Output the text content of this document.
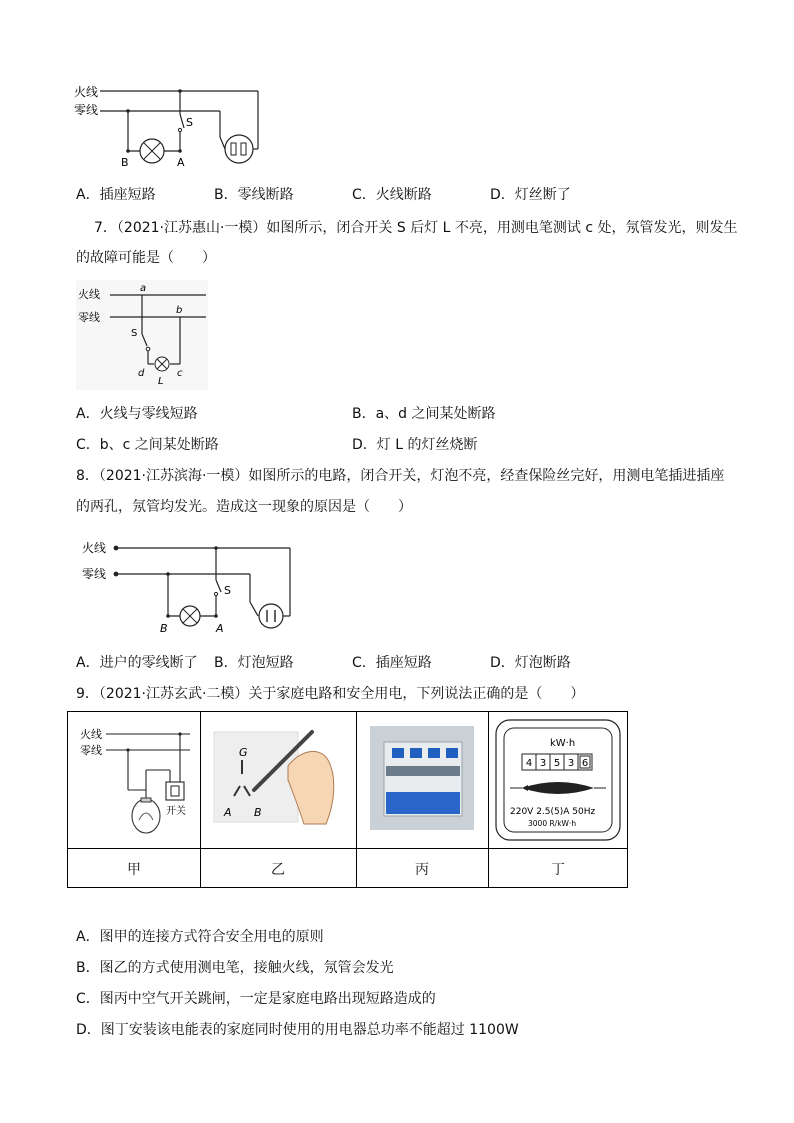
火线
零线
S
B	A
A．插座短路	B．零线断路	C．火线断路	D．灯丝断了
7．（2021·江苏惠山·一模）如图所示，闭合开关 S 后灯 L 不亮，用测电笔测试 c 处，氖管发光，则发生
的故障可能是（　　）
火线
零线
a
b
S
d	c
L
A．火线与零线短路	B．a、d 之间某处断路
C．b、c 之间某处断路	D．灯 L 的灯丝烧断
8．（2021·江苏滨海·一模）如图所示的电路，闭合开关，灯泡不亮，经查保险丝完好，用测电笔插进插座
的两孔，氖管均发光。造成这一现象的原因是（　　）
火线
零线
S
B	A
A．进户的零线断了 B．灯泡短路	C．插座短路	D．灯泡断路
9．（2021·江苏玄武·二模）关于家庭电路和安全用电，下列说法正确的是（　　）
火线
零线
开关
G
A B
kW·h
4 3 5 3 6
220V 2.5(5)A 50Hz
3000 R/kW·h
甲	乙	丙	丁
A．图甲的连接方式符合安全用电的原则
B．图乙的方式使用测电笔，接触火线，氖管会发光
C．图丙中空气开关跳闸，一定是家庭电路出现短路造成的
D．图丁安装该电能表的家庭同时使用的用电器总功率不能超过 1100W
